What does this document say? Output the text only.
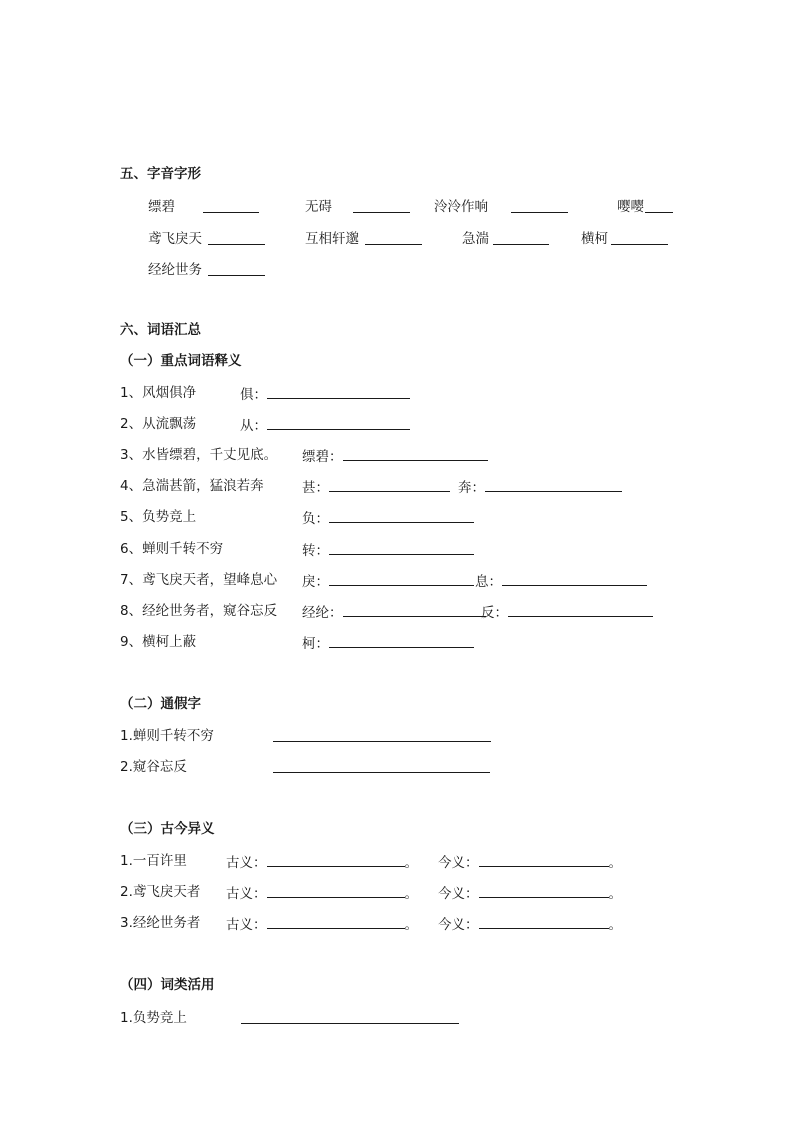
五、字音字形
缥碧	无碍	泠泠作响	嘤嘤
鸢飞戾天	互相轩邈	急湍	横柯
经纶世务
六、词语汇总
（一）重点词语释义
1、风烟俱净	俱：
2、从流飘荡	从：
3、水皆缥碧，千丈见底。 缥碧：
4、急湍甚箭，猛浪若奔	甚：	奔：
5、负势竞上	负：
6、蝉则千转不穷	转：
7、鸢飞戾天者，望峰息心 戾：	息：
8、经纶世务者，窥谷忘反 经纶：	反：
9、横柯上蔽	柯：
（二）通假字
1.蝉则千转不穷
2.窥谷忘反
（三）古今异义
1.一百许里	古义：	。 今义：	。
2.鸢飞戾天者 古义：	。 今义：	。
3.经纶世务者 古义：	。 今义：	。
（四）词类活用
1.负势竞上
